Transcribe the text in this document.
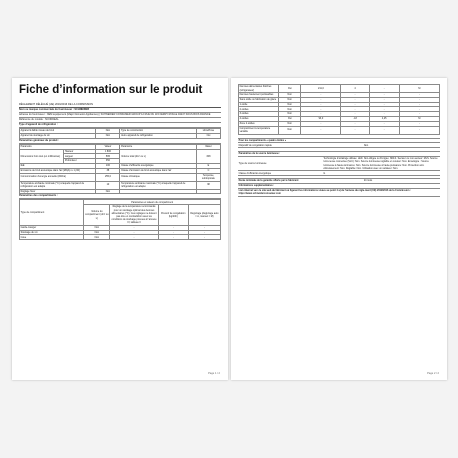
Fiche d’information sur le produit

RÈGLEMENT DÉLÉGUÉ (UE) 2019/2016 DE LA COMMISSION

Nom ou marque commerciale du fournisseur : SCHNEIDER
Adresse du fournisseur : NEM équipement (Major Domestic Appliances) | SCHNEIDER CONSUMER GROUP 12 RUE DU 115 FERRY ROULE 94247 SOUS BOIS FRANCE
Référence du modèle : SCODDEAL
Type d’appareil de réfrigération :
Appareil à faible niveau de bruit	Non	Type de construction	Libre/Pose
Appareil de stockage du vin	Non	Autre appareil de réfrigération	Oui
Paramètres généraux du produit :
Paramètre		Valeur	Paramètre	Valeur
Dimensions hors tout (en millimètres)	Hauteur	1 800	Volume total (dm³ ou L)	308
	Largeur	595		
	Profondeur	350		
IEE		100	Classe d’efficacité énergétique	E
Émissions de bruit acoustique dans l’air [dB(A) re 1 pW]		38	Classe d’émission de bruit acoustique dans l’air	C
Consommation d’énergie annuelle (kWh/a)		255,0	Classe climatique	Tempérée, subtropicale
Température ambiante minimale (°C) à laquelle l’appareil de réfrigération est adapté		10	Température ambiante maximale (°C) à laquelle l’appareil de réfrigération est adapté	38
Réglage hiver		Non		
Paramètres des compartiments :
Type de compartiment	Paramètres et valeurs du compartiment			
	Volume du compartiment (dm³ ou L)	Réglage de la température recommandé pour un stockage optimal des denrées alimentaires (°C). Ces réglages ne doivent pas être en contradiction avec les conditions de stockage prévues à l’annexe IV, tableau 3	Pouvoir de congélation (kg/24h)	Dégivrage (dégivrage auto = A, manuel = M)
Garde-manger	Non	-	-	-
Stockage du vin	Non	-	-	-
Cave	Non	-	-	-
Page 1 / 2
Denrées alimentaires fraîches (réfrigérateur)	Oui	211,0	4	-	M
Denrées hautement périssables	Non	-	-	-	-
Sans étoile ou fabrication de glace	Non	-	-	-	-
1 étoile	Non	-	-	-	-
2 étoiles	Non	-	-	-	-
3 étoiles	Non	-	-	-	-
4 étoiles	Oui	93,0	-18	4,25	M
Zone 2 étoiles	Non	-	-	-	-
Compartiment à température variable	Non	-	-	-	-
Pour les compartiments « quatre étoiles »
Dispositif de congélation rapide	Non
Paramètres de la source lumineuse :	
Type de source lumineuse	Technologie d’éclairage utilisée: LED. Non-dirigée ou Di-rigée: NDLS. Secteur ou non-secteur: MLS. Source lumi-neuse connectée (SLC): Non. Source lumineuse réglable en couleur: Non. Enveloppe : Source lumineuse à haute-luminance: Non. Source lumineuse à haute-puissance: Non. Protection anti-éblouissement: Non. Réglable: Non. Utilisation avec un variateur: Non.
Classe d’efficacité énergétique	G
Durée minimale de la garantie offerte par le fabricant	24 mois
Informations supplémentaires :
Lien internet vers le site web du fabricant où figurent les informations visées au point 4 a) de l’annexe du règle-ment (UE) 2019/2016 de la Commission : https://www.schneiderconsumer.com
Page 2 / 2
